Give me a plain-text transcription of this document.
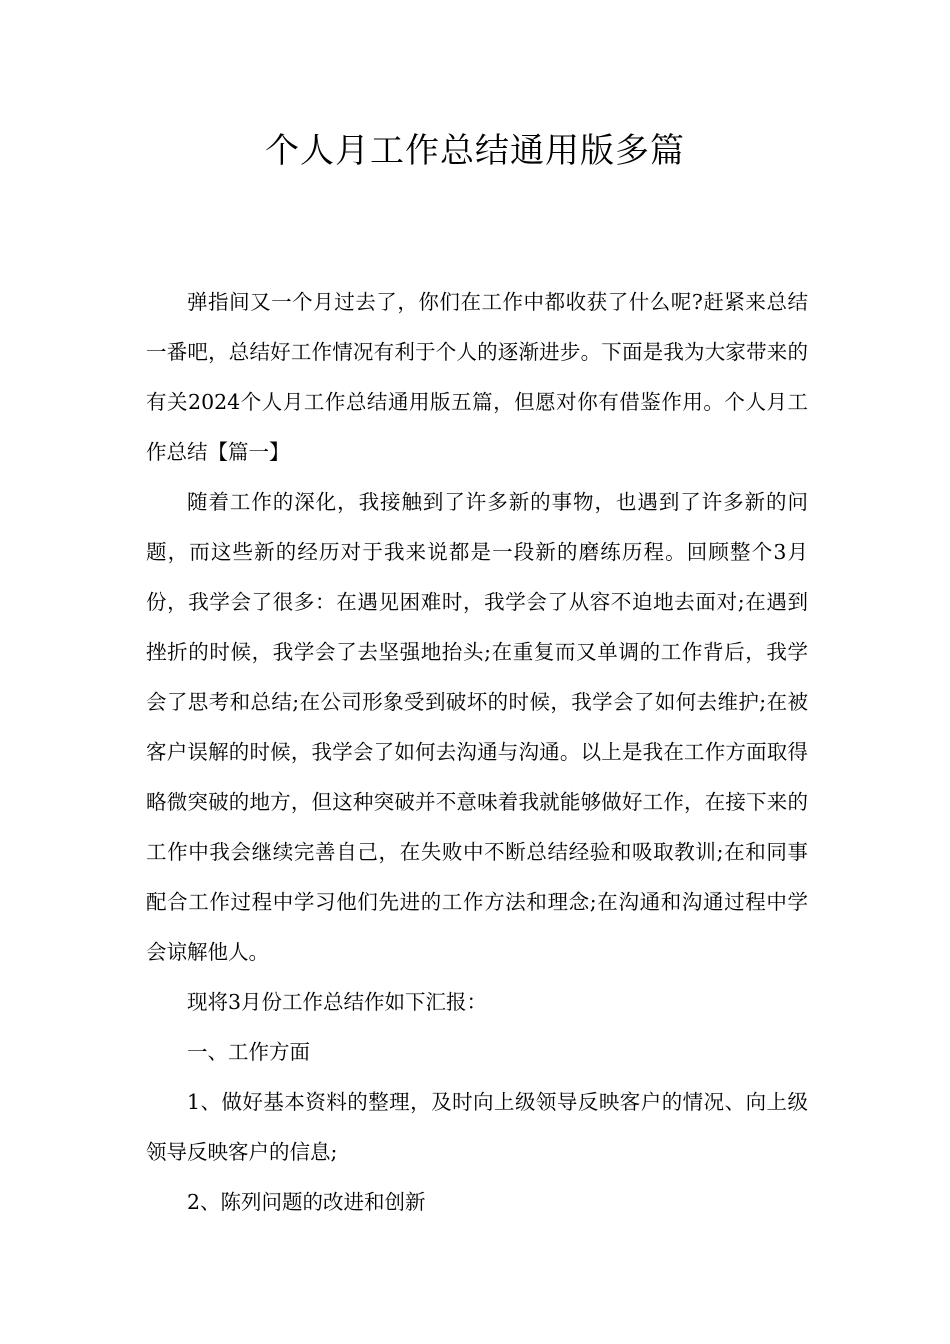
个人月工作总结通用版多篇

弹指间又一个月过去了，你们在工作中都收获了什么呢?赶紧来总结一番吧，总结好工作情况有利于个人的逐渐进步。下面是我为大家带来的有关2024个人月工作总结通用版五篇，但愿对你有借鉴作用。个人月工作总结【篇一】

随着工作的深化，我接触到了许多新的事物，也遇到了许多新的问题，而这些新的经历对于我来说都是一段新的磨练历程。回顾整个3月份，我学会了很多：在遇见困难时，我学会了从容不迫地去面对;在遇到挫折的时候，我学会了去坚强地抬头;在重复而又单调的工作背后，我学会了思考和总结;在公司形象受到破坏的时候，我学会了如何去维护;在被客户误解的时候，我学会了如何去沟通与沟通。以上是我在工作方面取得略微突破的地方，但这种突破并不意味着我就能够做好工作，在接下来的工作中我会继续完善自己，在失败中不断总结经验和吸取教训;在和同事配合工作过程中学习他们先进的工作方法和理念;在沟通和沟通过程中学会谅解他人。

现将3月份工作总结作如下汇报：

一、工作方面

1、做好基本资料的整理，及时向上级领导反映客户的情况、向上级领导反映客户的信息;

2、陈列问题的改进和创新
